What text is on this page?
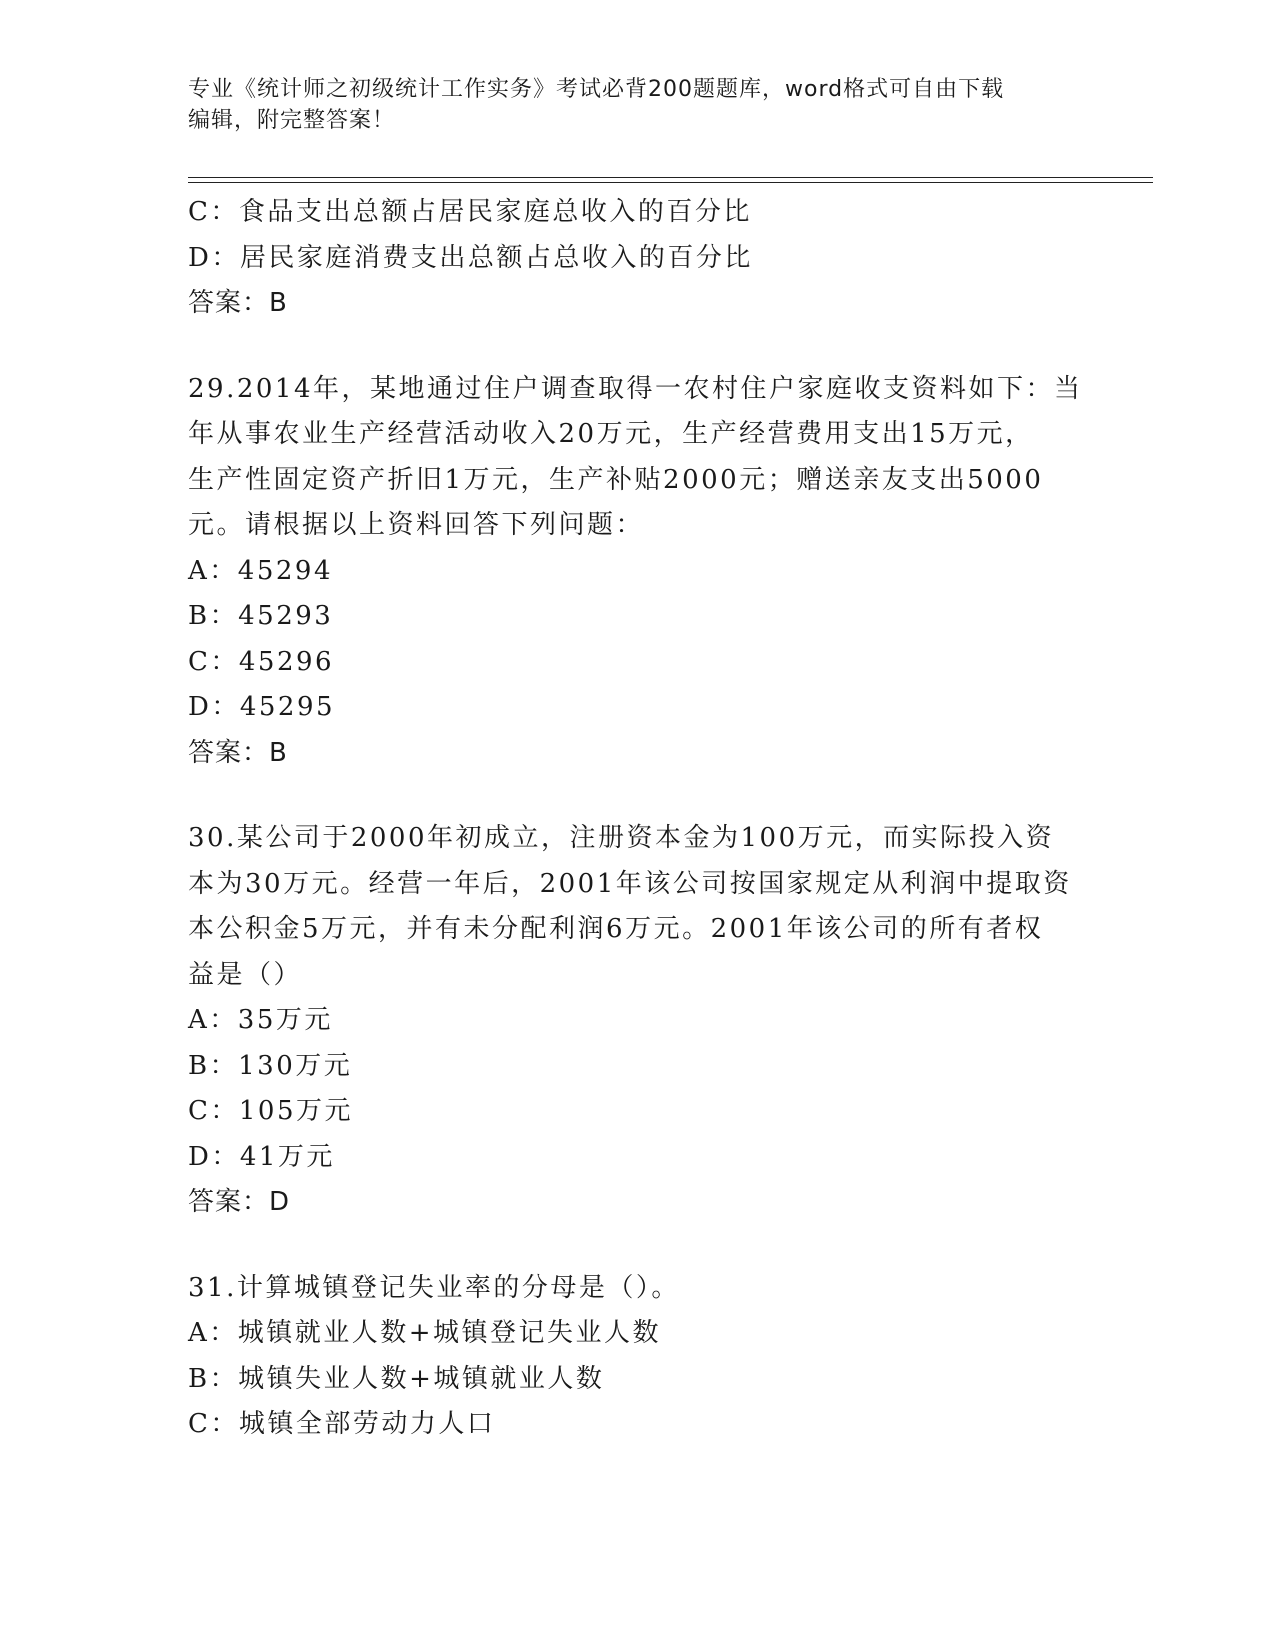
专业《统计师之初级统计工作实务》考试必背200题题库，word格式可自由下载
编辑，附完整答案！
C：食品支出总额占居民家庭总收入的百分比
D：居民家庭消费支出总额占总收入的百分比
答案：B
29.2014年，某地通过住户调查取得一农村住户家庭收支资料如下：当
年从事农业生产经营活动收入20万元，生产经营费用支出15万元，
生产性固定资产折旧1万元，生产补贴2000元；赠送亲友支出5000
元。请根据以上资料回答下列问题：
A：45294
B：45293
C：45296
D：45295
答案：B
30.某公司于2000年初成立，注册资本金为100万元，而实际投入资
本为30万元。经营一年后，2001年该公司按国家规定从利润中提取资
本公积金5万元，并有未分配利润6万元。2001年该公司的所有者权
益是（）
A：35万元
B：130万元
C：105万元
D：41万元
答案：D
31.计算城镇登记失业率的分母是（）。
A：城镇就业人数+城镇登记失业人数
B：城镇失业人数+城镇就业人数
C：城镇全部劳动力人口
